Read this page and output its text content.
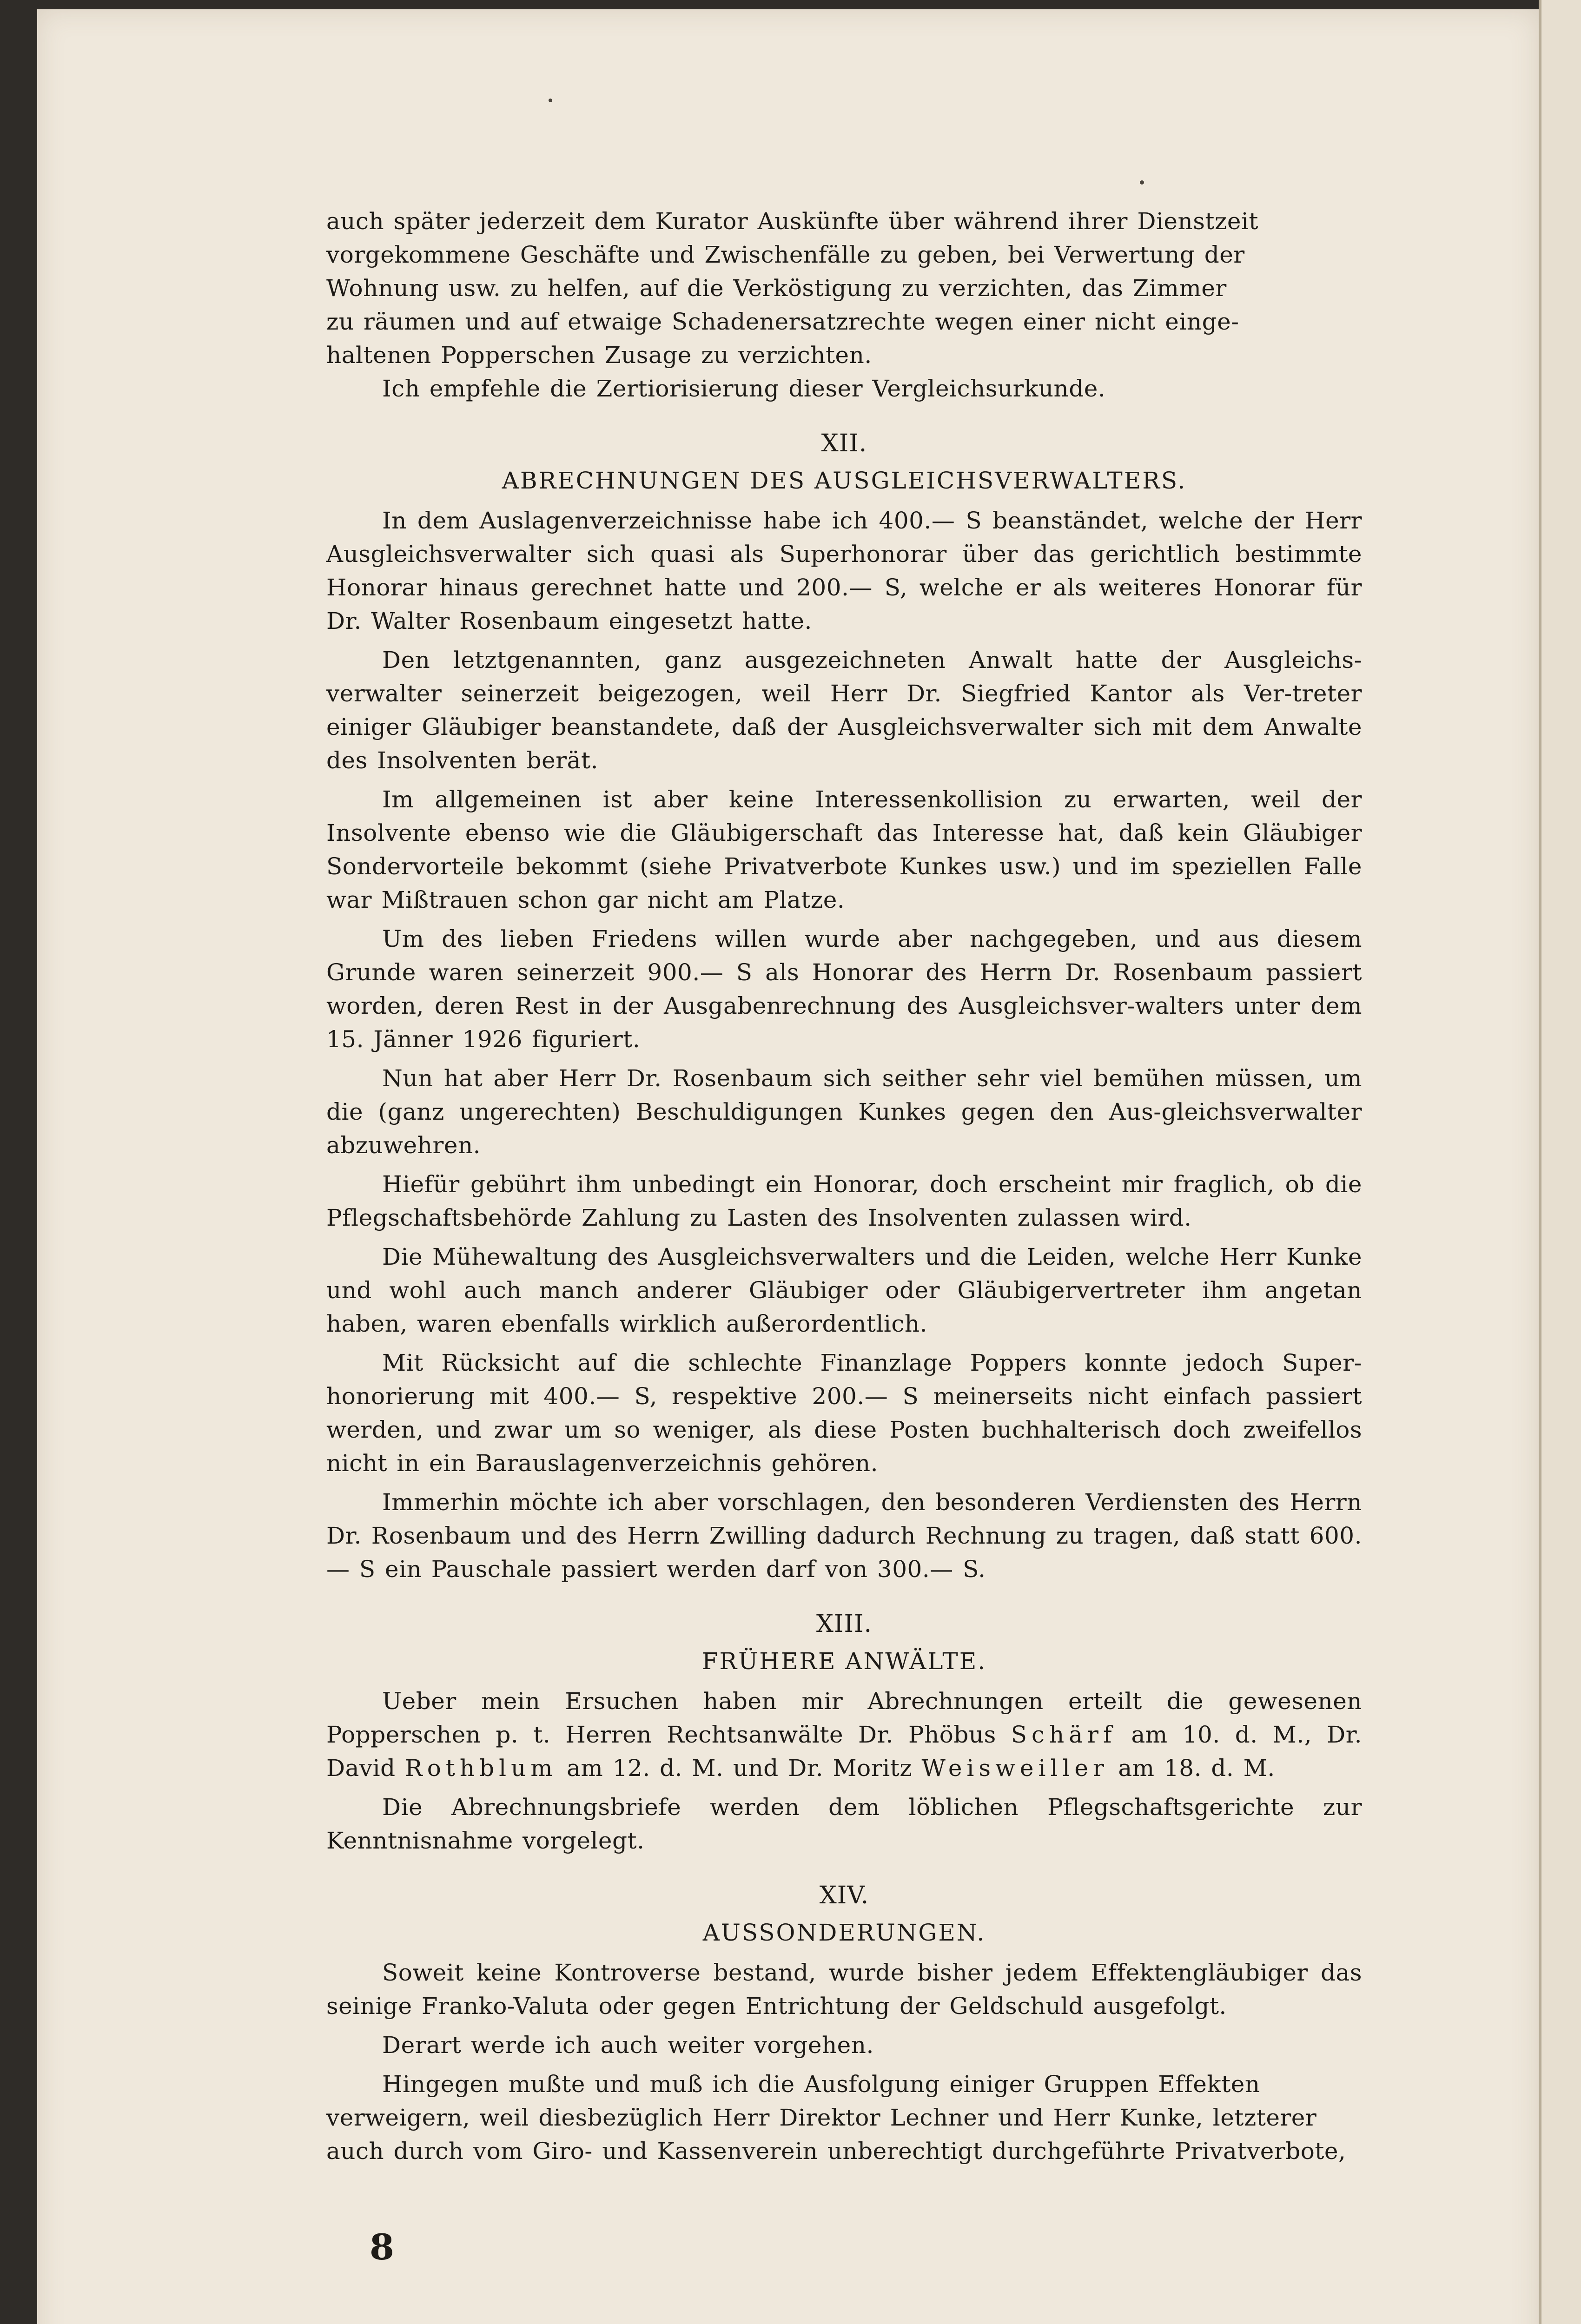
auch später jederzeit dem Kurator Auskünfte über während ihrer Dienstzeit
vorgekommene Geschäfte und Zwischenfälle zu geben, bei Verwertung der
Wohnung usw. zu helfen, auf die Verköstigung zu verzichten, das Zimmer
zu räumen und auf etwaige Schadenersatzrechte wegen einer nicht einge-
haltenen Popperschen Zusage zu verzichten.
Ich empfehle die Zertiorisierung dieser Vergleichsurkunde.
XII.
ABRECHNUNGEN DES AUSGLEICHSVERWALTERS.
In dem Auslagenverzeichnisse habe ich 400.— S beanständet, welche der Herr Ausgleichsverwalter sich quasi als Superhonorar über das gerichtlich bestimmte Honorar hinaus gerechnet hatte und 200.— S, welche er als weiteres Honorar für Dr. Walter Rosenbaum eingesetzt hatte.
Den letztgenannten, ganz ausgezeichneten Anwalt hatte der Ausgleichs-verwalter seinerzeit beigezogen, weil Herr Dr. Siegfried Kantor als Ver-treter einiger Gläubiger beanstandete, daß der Ausgleichsverwalter sich mit dem Anwalte des Insolventen berät.
Im allgemeinen ist aber keine Interessenkollision zu erwarten, weil der Insolvente ebenso wie die Gläubigerschaft das Interesse hat, daß kein Gläubiger Sondervorteile bekommt (siehe Privatverbote Kunkes usw.) und im speziellen Falle war Mißtrauen schon gar nicht am Platze.
Um des lieben Friedens willen wurde aber nachgegeben, und aus diesem Grunde waren seinerzeit 900.— S als Honorar des Herrn Dr. Rosenbaum passiert worden, deren Rest in der Ausgabenrechnung des Ausgleichsver-walters unter dem 15. Jänner 1926 figuriert.
Nun hat aber Herr Dr. Rosenbaum sich seither sehr viel bemühen müssen, um die (ganz ungerechten) Beschuldigungen Kunkes gegen den Aus-gleichsverwalter abzuwehren.
Hiefür gebührt ihm unbedingt ein Honorar, doch erscheint mir fraglich, ob die Pflegschaftsbehörde Zahlung zu Lasten des Insolventen zulassen wird.
Die Mühewaltung des Ausgleichsverwalters und die Leiden, welche Herr Kunke und wohl auch manch anderer Gläubiger oder Gläubigervertreter ihm angetan haben, waren ebenfalls wirklich außerordentlich.
Mit Rücksicht auf die schlechte Finanzlage Poppers konnte jedoch Super-honorierung mit 400.— S, respektive 200.— S meinerseits nicht einfach passiert werden, und zwar um so weniger, als diese Posten buchhalterisch doch zweifellos nicht in ein Barauslagenverzeichnis gehören.
Immerhin möchte ich aber vorschlagen, den besonderen Verdiensten des Herrn Dr. Rosenbaum und des Herrn Zwilling dadurch Rechnung zu tragen, daß statt 600.— S ein Pauschale passiert werden darf von 300.— S.
XIII.
FRÜHERE ANWÄLTE.
Ueber mein Ersuchen haben mir Abrechnungen erteilt die gewesenen Popperschen p. t. Herren Rechtsanwälte Dr. Phöbus Schärf am 10. d. M., Dr. David Rothblum am 12. d. M. und Dr. Moritz Weisweiller am 18. d. M.
Die Abrechnungsbriefe werden dem löblichen Pflegschaftsgerichte zur Kenntnisnahme vorgelegt.
XIV.
AUSSONDERUNGEN.
Soweit keine Kontroverse bestand, wurde bisher jedem Effektengläubiger das seinige Franko-Valuta oder gegen Entrichtung der Geldschuld ausgefolgt.
Derart werde ich auch weiter vorgehen.
Hingegen mußte und muß ich die Ausfolgung einiger Gruppen Effekten verweigern, weil diesbezüglich Herr Direktor Lechner und Herr Kunke, letzterer auch durch vom Giro- und Kassenverein unberechtigt durchgeführte Privatverbote,
8
